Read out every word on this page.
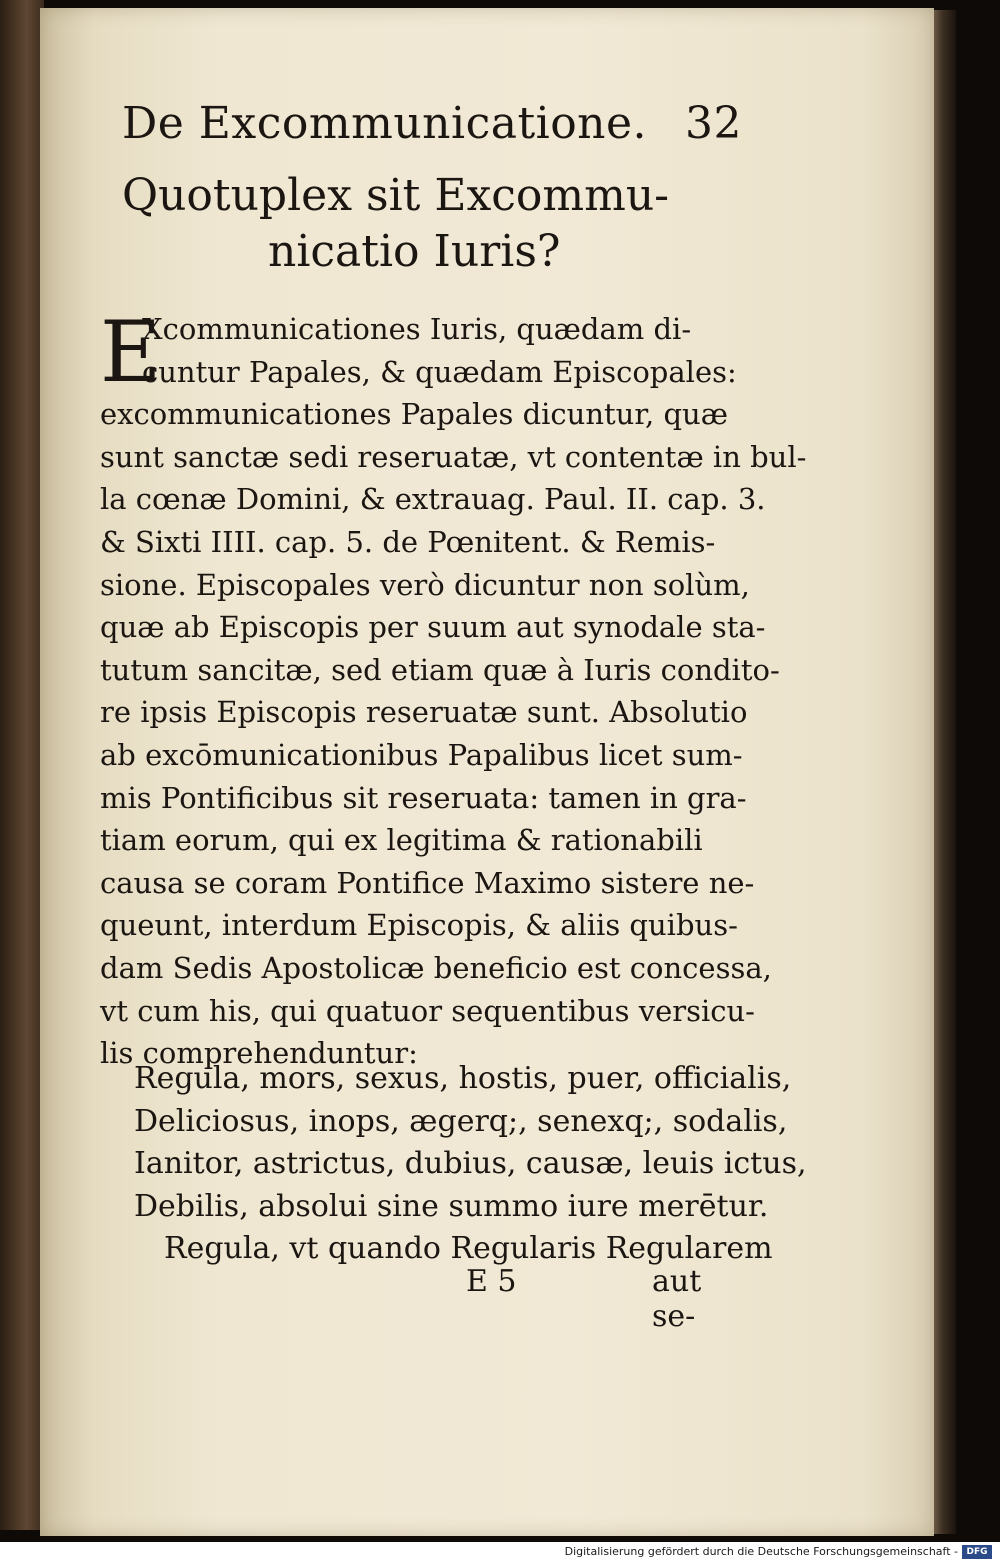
De Excommunicatione. 32
Quotuplex sit Excommu-
nicatio Iuris?
E
Xcommunicationes Iuris, quædam di-
cuntur Papales, & quædam Episcopales:
excommunicationes Papales dicuntur, quæ
sunt sanctæ sedi reseruatæ, vt contentæ in bul-
la cœnæ Domini, & extrauag. Paul. II. cap. 3.
& Sixti IIII. cap. 5. de Pœnitent. & Remis-
sione. Episcopales verò dicuntur non solùm,
quæ ab Episcopis per suum aut synodale sta-
tutum sancitæ, sed etiam quæ à Iuris condito-
re ipsis Episcopis reseruatæ sunt. Absolutio
ab excōmunicationibus Papalibus licet sum-
mis Pontificibus sit reseruata: tamen in gra-
tiam eorum, qui ex legitima & rationabili
causa se coram Pontifice Maximo sistere ne-
queunt, interdum Episcopis, & aliis quibus-
dam Sedis Apostolicæ beneficio est concessa,
vt cum his, qui quatuor sequentibus versicu-
lis comprehenduntur:
Regula, mors, sexus, hostis, puer, officialis,
Deliciosus, inops, ægerq;, senexq;, sodalis,
Ianitor, astrictus, dubius, causæ, leuis ictus,
Debilis, absolui sine summo iure merētur.
Regula, vt quando Regularis Regularem
E 5	aut se-
Digitalisierung gefördert durch die Deutsche Forschungsgemeinschaft - DFG
